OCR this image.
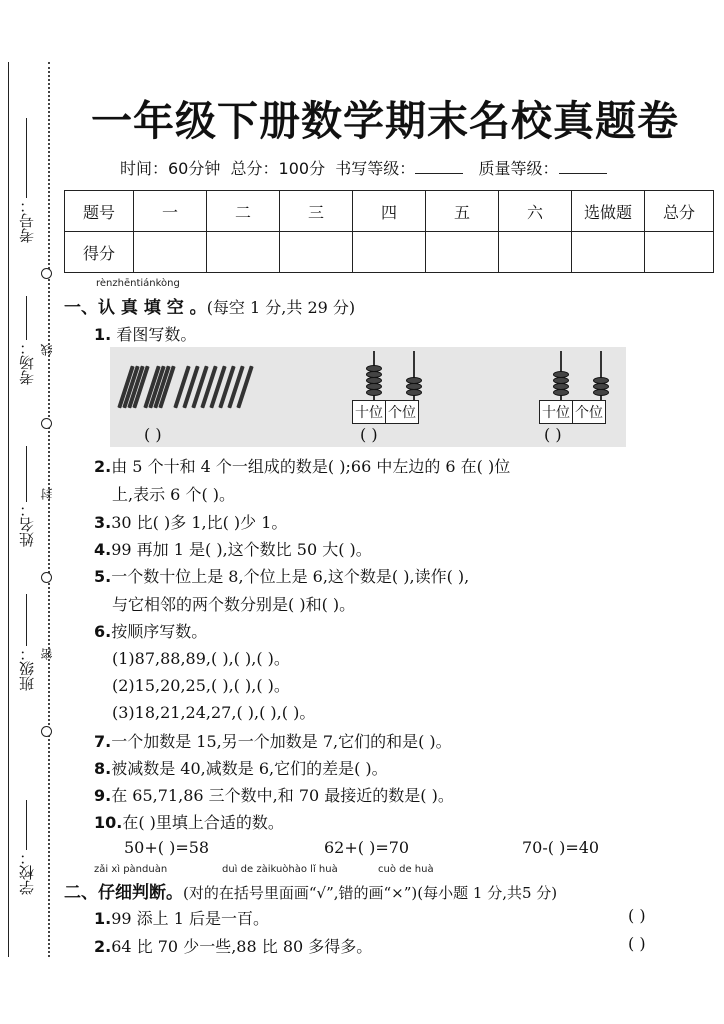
考号：
考场：
姓名：
班级：
学校：
线
封
密
一年级下册数学期末名校真题卷
时间：60分钟 总分：100分 书写等级：	质量等级：
题号	一	二	三	四	五	六	选做题	总分
得分								
rènzhēntiánkòng
一、认 真 填 空 。(每空 1 分,共 29 分)
1. 看图写数。
十位 个位	十位 个位
( )	( )	( )
2.由 5 个十和 4 个一组成的数是( );66 中左边的 6 在( )位
上,表示 6 个( )。
3.30 比( )多 1,比( )少 1。
4.99 再加 1 是( ),这个数比 50 大( )。
5.一个数十位上是 8,个位上是 6,这个数是( ),读作( ),
与它相邻的两个数分别是( )和( )。
6.按顺序写数。
(1)87,88,89,( ),( ),( )。
(2)15,20,25,( ),( ),( )。
(3)18,21,24,27,( ),( ),( )。
7.一个加数是 15,另一个加数是 7,它们的和是( )。
8.被减数是 40,减数是 6,它们的差是( )。
9.在 65,71,86 三个数中,和 70 最接近的数是( )。
10.在( )里填上合适的数。
50+( )=58	62+( )=70	70-( )=40
zǎi xì pànduàn	duì de zàikuòhào lǐ huà	cuò de huà
二、仔细判断。(对的在括号里面画“√”,错的画“×”)(每小题 1 分,共5 分)
1.99 添上 1 后是一百。	( )
2.64 比 70 少一些,88 比 80 多得多。	( )
